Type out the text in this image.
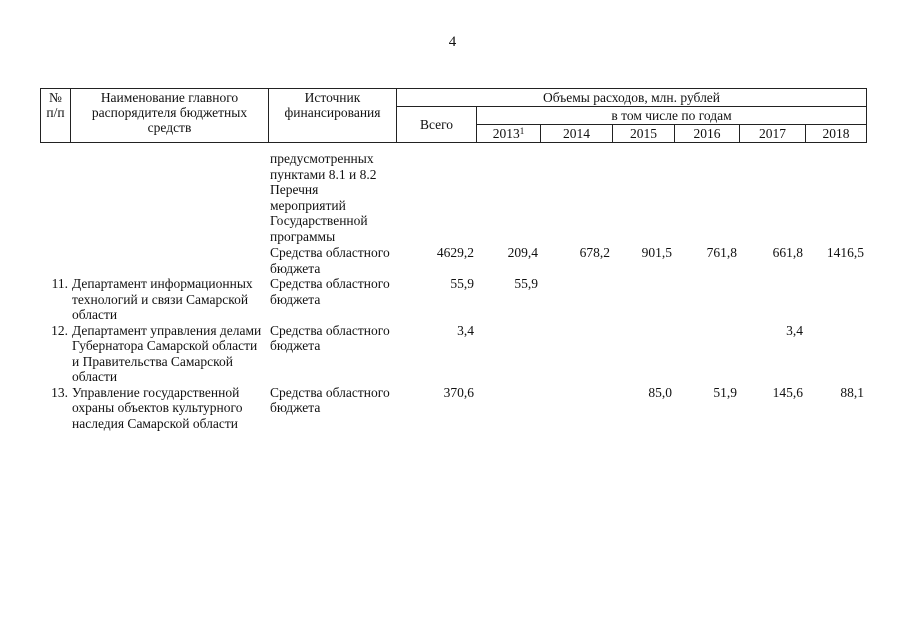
4
№ п/п	Наименование главного распорядителя бюджетных средств	Источник финансирования	Объемы расходов, млн. рублей						
			Всего	в том числе по годам					
				2013$^1$	2014	2015	2016	2017	2018
		предусмотренных пунктами 8.1 и 8.2 Перечня мероприятий Государственной программы							
		Средства областного бюджета	4629,2	209,4	678,2	901,5	761,8	661,8	1416,5
11.	Департамент информационных технологий и связи Самарской области	Средства областного бюджета	55,9	55,9					
12.	Департамент управления делами Губернатора Самарской области и Правительства Самарской области	Средства областного бюджета	3,4					3,4	
13.	Управление государственной охраны объектов культурного наследия Самарской области	Средства областного бюджета	370,6			85,0	51,9	145,6	88,1
